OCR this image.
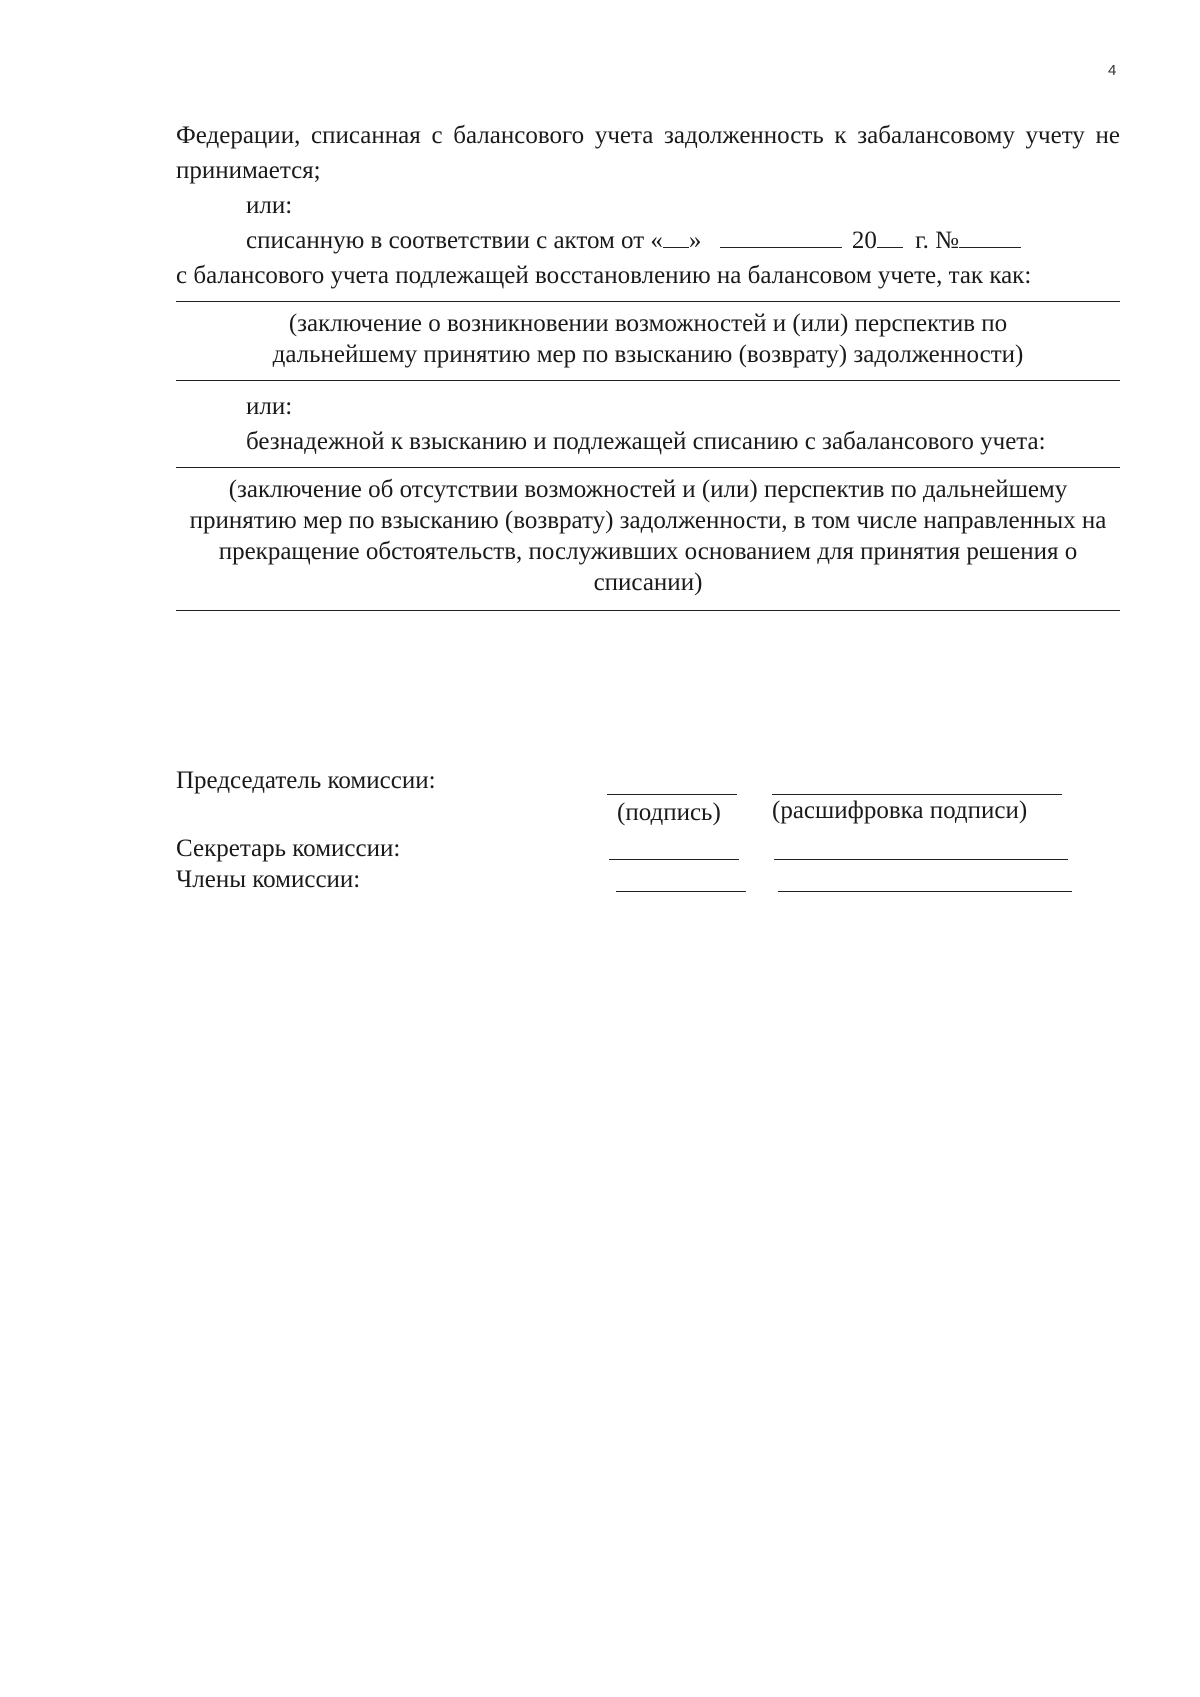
4

Федерации, списанная с балансового учета задолженность к забалансовому учету не принимается;

или:

списанную в соответствии с актом от « »	20 г. №

с балансового учета подлежащей восстановлению на балансовом учете, так как:

(заключение о возникновении возможностей и (или) перспектив по дальнейшему принятию мер по взысканию (возврату) задолженности)

или:

безнадежной к взысканию и подлежащей списанию с забалансового учета:

(заключение об отсутствии возможностей и (или) перспектив по дальнейшему принятию мер по взысканию (возврату) задолженности, в том числе направленных на прекращение обстоятельств, послуживших основанием для принятия решения о списании)

Председатель комиссии:
(подпись) (расшифровка подписи)
Секретарь комиссии:
Члены комиссии:
